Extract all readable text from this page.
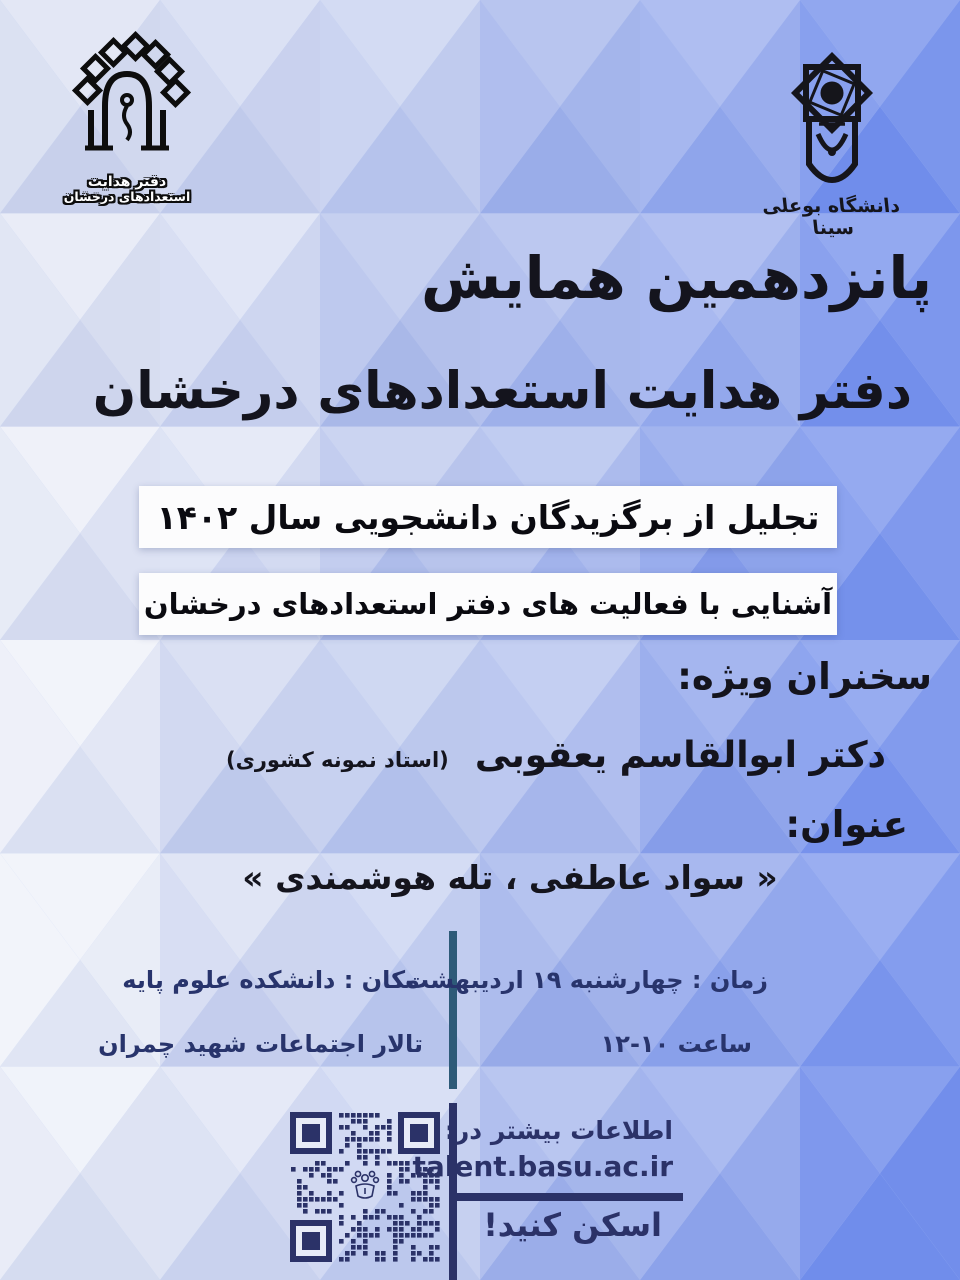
دفتر هدایت
استعدادهای درخشان	دانشگاه بوعلی سینا
پانزدهمین همایش
دفتر هدایت استعدادهای درخشان
تجلیل از برگزیدگان دانشجویی سال ۱۴۰۲
آشنایی با فعالیت های دفتر استعدادهای درخشان
سخنران ویژه:
دکتر ابوالقاسم یعقوبی
(استاد نمونه کشوری)
عنوان:
« سواد عاطفی ، تله هوشمندی »
زمان : چهارشنبه ۱۹ اردیبهشت
ساعت ۱۰-۱۲
مکان : دانشکده علوم پایه
تالار اجتماعات شهید چمران
اطلاعات بیشتر در:
talent.basu.ac.ir
اسکن کنید!
